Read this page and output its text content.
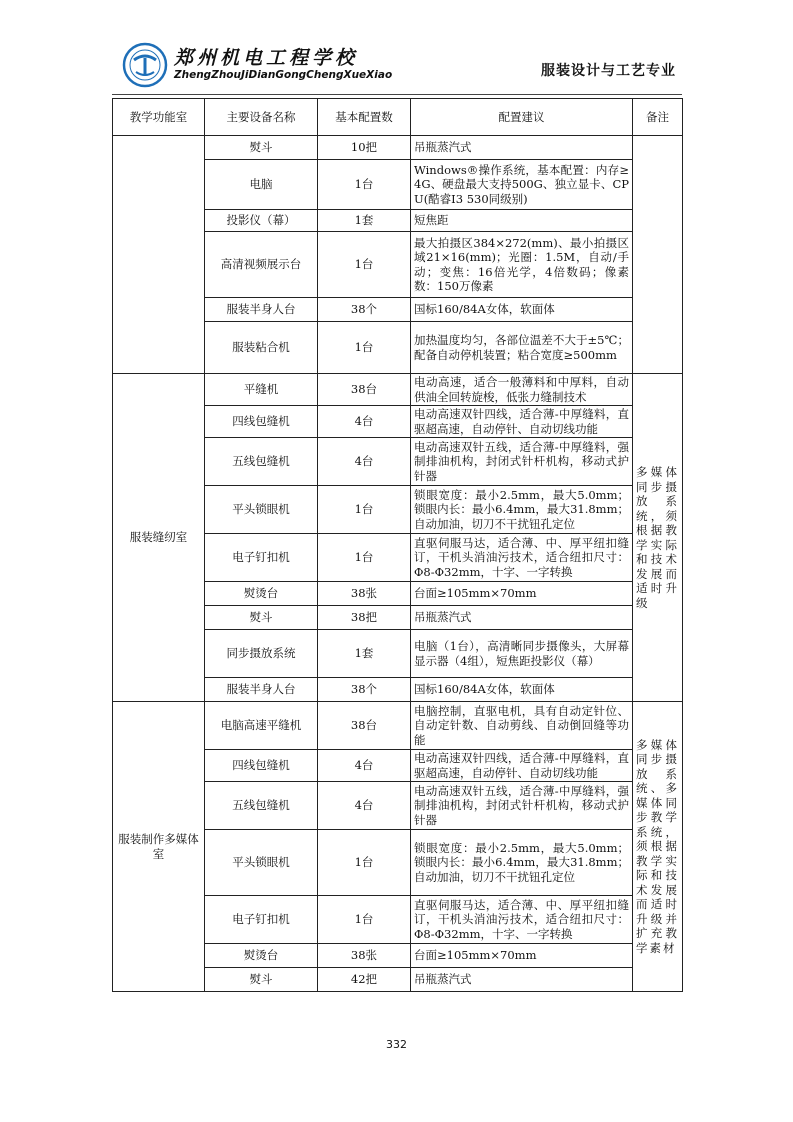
郑州机电工程学校
ZhengZhouJiDianGongChengXueXiao	服装设计与工艺专业
教学功能室	主要设备名称	基本配置数	配置建议	备注
	熨斗	10把	吊瓶蒸汽式	
	电脑	1台	Windows®操作系统，基本配置：内存≥4G、硬盘最大支持500G、独立显卡、CPU(酷睿I3 530同级别)	
	投影仪（幕）	1套	短焦距	
	高清视频展示台	1台	最大拍摄区384×272(mm)、最小拍摄区域21×16(mm)；光圈：1.5M，自动/手动；变焦：16倍光学，4倍数码；像素数：150万像素	
	服装半身人台	38个	国标160/84A女体，软面体	
	服装粘合机	1台	加热温度均匀，各部位温差不大于±5℃；配备自动停机装置；粘合宽度≥500mm	
服装缝纫室	平缝机	38台	电动高速，适合一般薄料和中厚料，自动供油全回转旋梭，低张力缝制技术	多媒体同步摄放系统，须根据教学实际和技术发展而适时升级
	四线包缝机	4台	电动高速双针四线，适合薄-中厚缝料，直驱超高速，自动停针、自动切线功能	
	五线包缝机	4台	电动高速双针五线，适合薄-中厚缝料，强制排油机构，封闭式针杆机构，移动式护针器	
	平头锁眼机	1台	锁眼宽度：最小2.5mm，最大5.0mm；锁眼内长：最小6.4mm，最大31.8mm；自动加油，切刀不干扰钮孔定位	
	电子钉扣机	1台	直驱伺服马达，适合薄、中、厚平纽扣缝订，干机头消油污技术，适合纽扣尺寸：Φ8-Φ32mm，十字、一字转换	
	熨烫台	38张	台面≥105mm×70mm	
	熨斗	38把	吊瓶蒸汽式	
	同步摄放系统	1套	电脑（1台），高清晰同步摄像头，大屏幕显示器（4组），短焦距投影仪（幕）	
	服装半身人台	38个	国标160/84A女体，软面体	
服装制作多媒体室	电脑高速平缝机	38台	电脑控制，直驱电机，具有自动定针位、自动定针数、自动剪线、自动倒回缝等功能	多媒体同步摄放系统、多媒体同步教学系统，须根据教学实际和技术发展而适时升级并扩充教学素材
	四线包缝机	4台	电动高速双针四线，适合薄-中厚缝料，直驱超高速，自动停针、自动切线功能	
	五线包缝机	4台	电动高速双针五线，适合薄-中厚缝料，强制排油机构，封闭式针杆机构，移动式护针器	
	平头锁眼机	1台	锁眼宽度：最小2.5mm，最大5.0mm；锁眼内长：最小6.4mm，最大31.8mm；自动加油，切刀不干扰钮孔定位	
	电子钉扣机	1台	直驱伺服马达，适合薄、中、厚平纽扣缝订，干机头消油污技术，适合纽扣尺寸：Φ8-Φ32mm，十字、一字转换	
	熨烫台	38张	台面≥105mm×70mm	
	熨斗	42把	吊瓶蒸汽式	
332
